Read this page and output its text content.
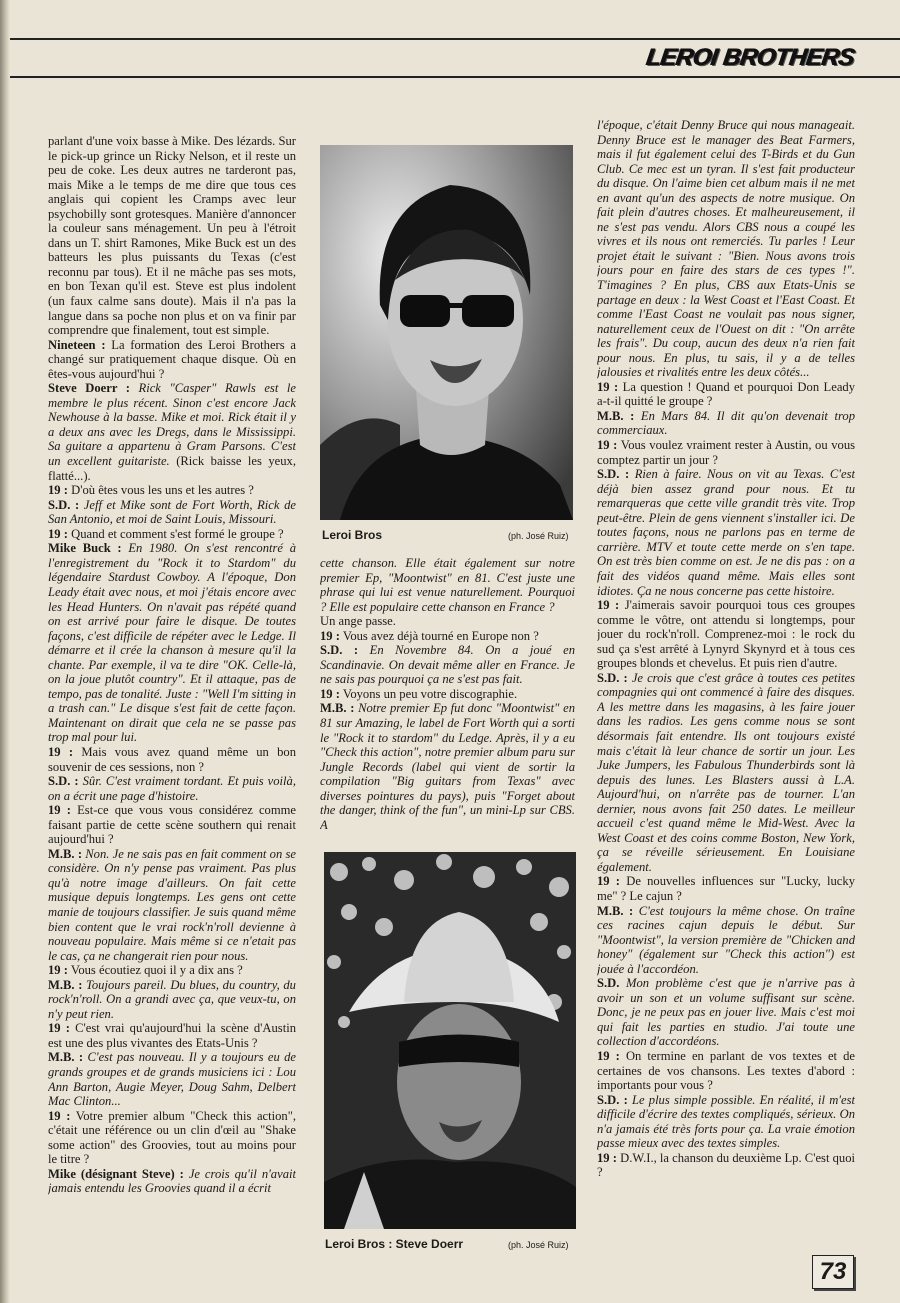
LEROI BROTHERS

parlant d'une voix basse à Mike. Des lézards. Sur le pick-up grince un Ricky Nelson, et il reste un peu de coke. Les deux autres ne tarderont pas, mais Mike a le temps de me dire que tous ces anglais qui copient les Cramps avec leur psychobilly sont grotesques. Manière d'annoncer la couleur sans ménagement. Un peu à l'étroit dans un T. shirt Ramones, Mike Buck est un des batteurs les plus puissants du Texas (c'est reconnu par tous). Et il ne mâche pas ses mots, en bon Texan qu'il est. Steve est plus indolent (un faux calme sans doute). Mais il n'a pas la langue dans sa poche non plus et on va finir par comprendre que finalement, tout est simple.

Nineteen : La formation des Leroi Brothers a changé sur pratiquement chaque disque. Où en êtes-vous aujourd'hui ?

Steve Doerr : Rick "Casper" Rawls est le membre le plus récent. Sinon c'est encore Jack Newhouse à la basse. Mike et moi. Rick était il y a deux ans avec les Dregs, dans le Mississippi. Sa guitare a appartenu à Gram Parsons. C'est un excellent guitariste. (Rick baisse les yeux, flatté...).

19 : D'où êtes vous les uns et les autres ?

S.D. : Jeff et Mike sont de Fort Worth, Rick de San Antonio, et moi de Saint Louis, Missouri.

19 : Quand et comment s'est formé le groupe ?

Mike Buck : En 1980. On s'est rencontré à l'enregistrement du "Rock it to Stardom" du légendaire Stardust Cowboy. A l'époque, Don Leady était avec nous, et moi j'étais encore avec les Head Hunters. On n'avait pas répété quand on est arrivé pour faire le disque. De toutes façons, c'est difficile de répéter avec le Ledge. Il démarre et il crée la chanson à mesure qu'il la chante. Par exemple, il va te dire "OK. Celle-là, on la joue plutôt country". Et il attaque, pas de tempo, pas de tonalité. Juste : "Well I'm sitting in a trash can." Le disque s'est fait de cette façon. Maintenant on dirait que cela ne se passe pas trop mal pour lui.

19 : Mais vous avez quand même un bon souvenir de ces sessions, non ?

S.D. : Sûr. C'est vraiment tordant. Et puis voilà, on a écrit une page d'histoire.

19 : Est-ce que vous vous considérez comme faisant partie de cette scène southern qui renait aujourd'hui ?

M.B. : Non. Je ne sais pas en fait comment on se considère. On n'y pense pas vraiment. Pas plus qu'à notre image d'ailleurs. On fait cette musique depuis longtemps. Les gens ont cette manie de toujours classifier. Je suis quand même bien content que le vrai rock'n'roll devienne à nouveau populaire. Mais même si ce n'etait pas le cas, ça ne changerait rien pour nous.

19 : Vous écoutiez quoi il y a dix ans ?

M.B. : Toujours pareil. Du blues, du country, du rock'n'roll. On a grandi avec ça, que veux-tu, on n'y peut rien.

19 : C'est vrai qu'aujourd'hui la scène d'Austin est une des plus vivantes des Etats-Unis ?

M.B. : C'est pas nouveau. Il y a toujours eu de grands groupes et de grands musiciens ici : Lou Ann Barton, Augie Meyer, Doug Sahm, Delbert Mac Clinton...

19 : Votre premier album "Check this action", c'était une référence ou un clin d'œil au "Shake some action" des Groovies, tout au moins pour le titre ?

Mike (désignant Steve) : Je crois qu'il n'avait jamais entendu les Groovies quand il a écrit

Leroi Bros	(ph. José Ruiz)

cette chanson. Elle était également sur notre premier Ep, "Moontwist" en 81. C'est juste une phrase qui lui est venue naturellement. Pourquoi ? Elle est populaire cette chanson en France ?

Un ange passe.

19 : Vous avez déjà tourné en Europe non ?

S.D. : En Novembre 84. On a joué en Scandinavie. On devait même aller en France. Je ne sais pas pourquoi ça ne s'est pas fait.

19 : Voyons un peu votre discographie.

M.B. : Notre premier Ep fut donc "Moontwist" en 81 sur Amazing, le label de Fort Worth qui a sorti le "Rock it to stardom" du Ledge. Après, il y a eu "Check this action", notre premier album paru sur Jungle Records (label qui vient de sortir la compilation "Big guitars from Texas" avec diverses pointures du pays), puis "Forget about the danger, think of the fun", un mini-Lp sur CBS. A

Leroi Bros : Steve Doerr	(ph. José Ruiz)

l'époque, c'était Denny Bruce qui nous manageait. Denny Bruce est le manager des Beat Farmers, mais il fut également celui des T-Birds et du Gun Club. Ce mec est un tyran. Il s'est fait producteur du disque. On l'aime bien cet album mais il ne met en avant qu'un des aspects de notre musique. On fait plein d'autres choses. Et malheureusement, il ne s'est pas vendu. Alors CBS nous a coupé les vivres et ils nous ont remerciés. Tu parles ! Leur projet était le suivant : "Bien. Nous avons trois jours pour en faire des stars de ces types !". T'imagines ? En plus, CBS aux Etats-Unis se partage en deux : la West Coast et l'East Coast. Et comme l'East Coast ne voulait pas nous signer, naturellement ceux de l'Ouest on dit : "On arrête les frais". Du coup, aucun des deux n'a rien fait pour nous. En plus, tu sais, il y a de telles jalousies et rivalités entre les deux côtés...

19 : La question ! Quand et pourquoi Don Leady a-t-il quitté le groupe ?

M.B. : En Mars 84. Il dit qu'on devenait trop commerciaux.

19 : Vous voulez vraiment rester à Austin, ou vous comptez partir un jour ?

S.D. : Rien à faire. Nous on vit au Texas. C'est déjà bien assez grand pour nous. Et tu remarqueras que cette ville grandit très vite. Trop peut-être. Plein de gens viennent s'installer ici. De toutes façons, nous ne parlons pas en terme de carrière. MTV et toute cette merde on s'en tape. On est très bien comme on est. Je ne dis pas : on a fait des vidéos quand même. Mais elles sont idiotes. Ça ne nous concerne pas cette histoire.

19 : J'aimerais savoir pourquoi tous ces groupes comme le vôtre, ont attendu si longtemps, pour jouer du rock'n'roll. Comprenez-moi : le rock du sud ça s'est arrêté à Lynyrd Skynyrd et à tous ces groupes blonds et chevelus. Et puis rien d'autre.

S.D. : Je crois que c'est grâce à toutes ces petites compagnies qui ont commencé à faire des disques. A les mettre dans les magasins, à les faire jouer dans les radios. Les gens comme nous se sont désormais fait entendre. Ils ont toujours existé mais c'était là leur chance de sortir un jour. Les Juke Jumpers, les Fabulous Thunderbirds sont là depuis des lunes. Les Blasters aussi à L.A. Aujourd'hui, on n'arrête pas de tourner. L'an dernier, nous avons fait 250 dates. Le meilleur accueil c'est quand même le Mid-West. Avec la West Coast et des coins comme Boston, New York, ça se réveille sérieusement. En Louisiane également.

19 : De nouvelles influences sur "Lucky, lucky me" ? Le cajun ?

M.B. : C'est toujours la même chose. On traîne ces racines cajun depuis le début. Sur "Moontwist", la version première de "Chicken and honey" (également sur "Check this action") est jouée à l'accordéon.

S.D. Mon problème c'est que je n'arrive pas à avoir un son et un volume suffisant sur scène. Donc, je ne peux pas en jouer live. Mais c'est moi qui fait les parties en studio. J'ai toute une collection d'accordéons.

19 : On termine en parlant de vos textes et de certaines de vos chansons. Les textes d'abord : importants pour vous ?

S.D. : Le plus simple possible. En réalité, il m'est difficile d'écrire des textes compliqués, sérieux. On n'a jamais été très forts pour ça. La vraie émotion passe mieux avec des textes simples.

19 : D.W.I., la chanson du deuxième Lp. C'est quoi ?

73
